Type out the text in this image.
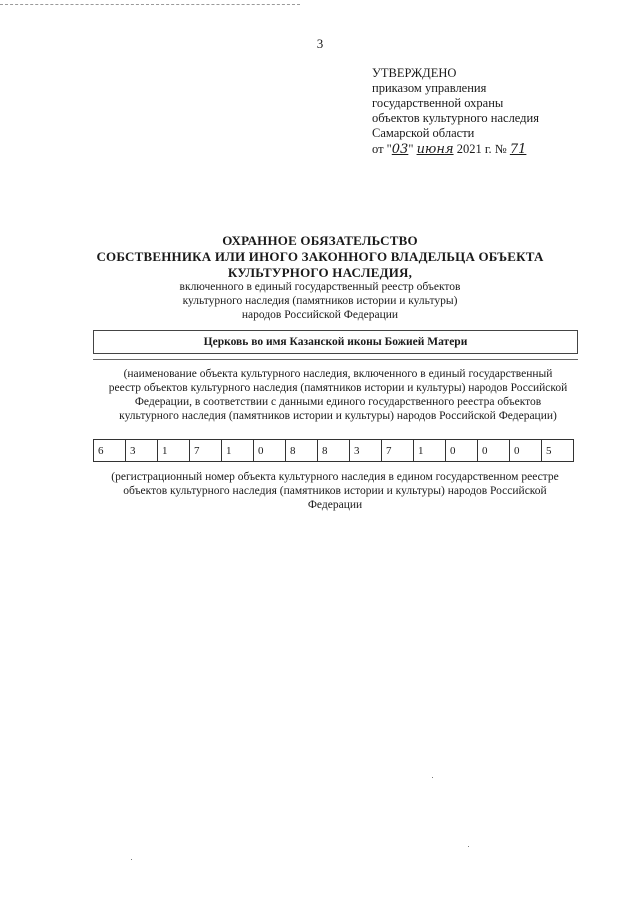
3
УТВЕРЖДЕНО
приказом управления
государственной охраны
объектов культурного наследия
Самарской области
от "03" июня 2021 г. № 71
ОХРАННОЕ ОБЯЗАТЕЛЬСТВО
СОБСТВЕННИКА ИЛИ ИНОГО ЗАКОННОГО ВЛАДЕЛЬЦА ОБЪЕКТА
КУЛЬТУРНОГО НАСЛЕДИЯ,
включенного в единый государственный реестр объектов
культурного наследия (памятников истории и культуры)
народов Российской Федерации
Церковь во имя Казанской иконы Божией Матери
(наименование объекта культурного наследия, включенного в единый государственный
реестр объектов культурного наследия (памятников истории и культуры) народов Российской
Федерации, в соответствии с данными единого государственного реестра объектов
культурного наследия (памятников истории и культуры) народов Российской Федерации)
6	3	1	7	1	0	8	8	3	7	1	0	0	0	5
(регистрационный номер объекта культурного наследия в едином государственном реестре
объектов культурного наследия (памятников истории и культуры) народов Российской
Федерации
